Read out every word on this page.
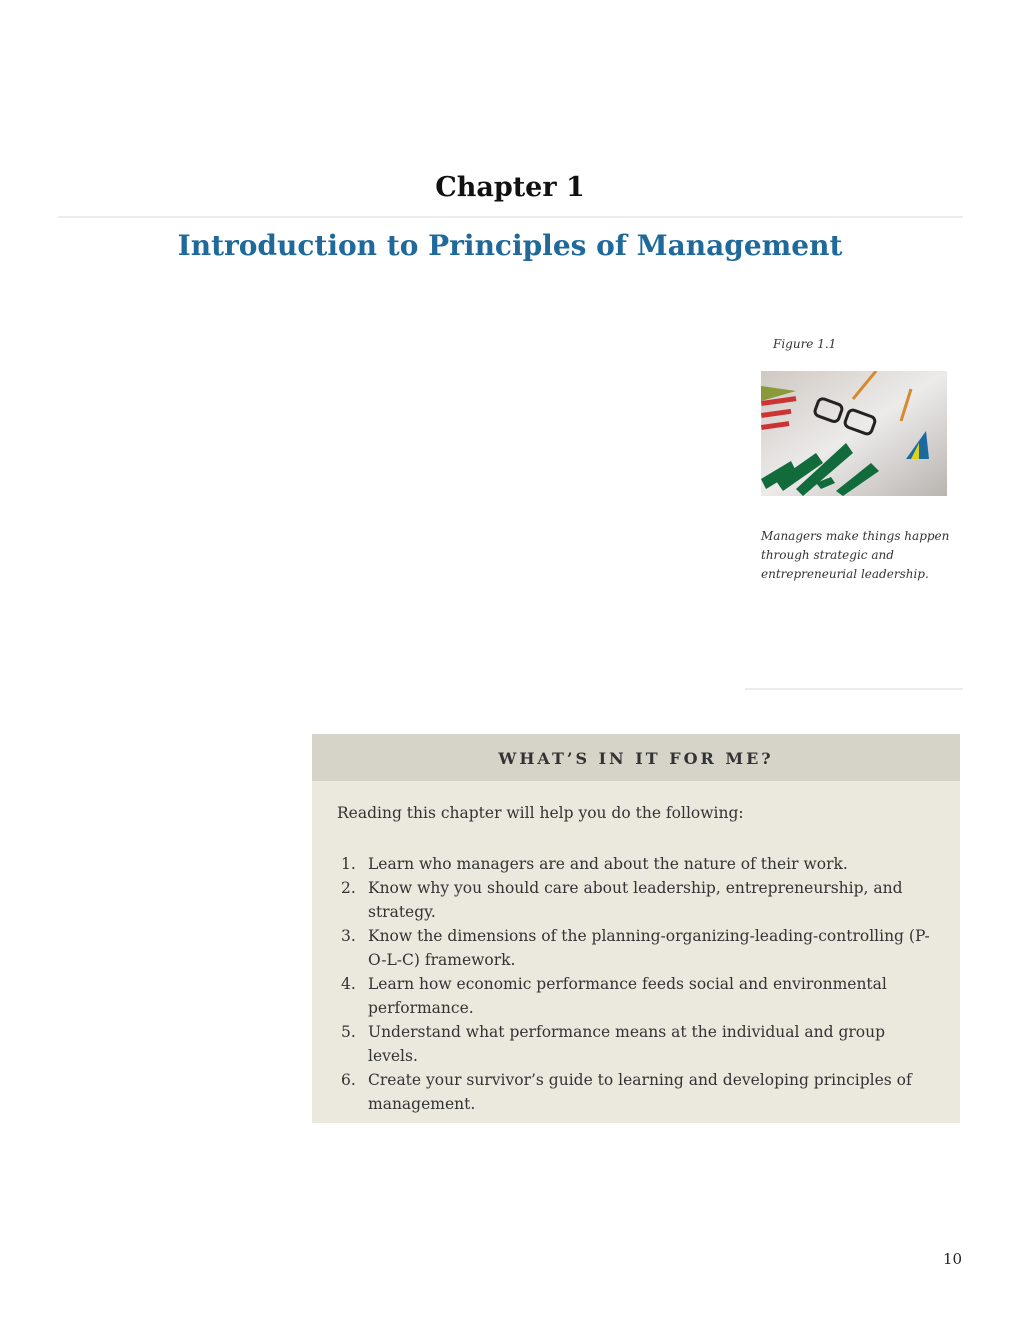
Chapter 1
Introduction to Principles of Management
Figure 1.1
Managers make things happen through strategic and entrepreneurial leadership.
WHAT’S IN IT FOR ME?
Reading this chapter will help you do the following:
1. Learn who managers are and about the nature of their work.
2. Know why you should care about leadership, entrepreneurship, and strategy.
3. Know the dimensions of the planning-organizing-leading-controlling (P-O-L-C) framework.
4. Learn how economic performance feeds social and environmental performance.
5. Understand what performance means at the individual and group levels.
6. Create your survivor’s guide to learning and developing principles of management.
10
